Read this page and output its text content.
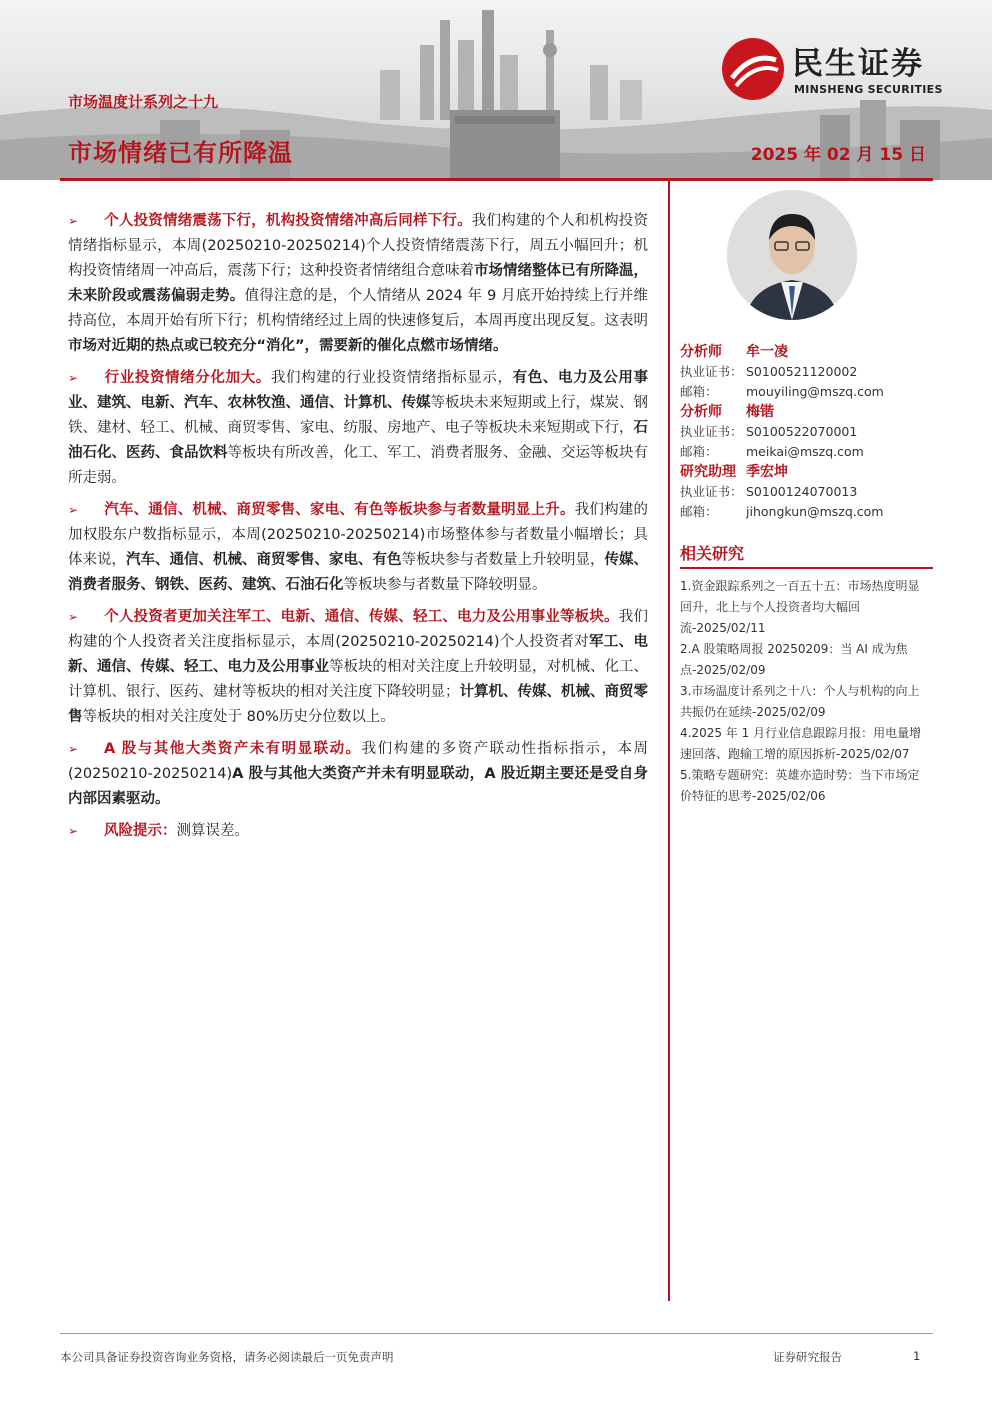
市场温度计系列之十九
市场情绪已有所降温	2025 年 02 月 15 日
民生证券
MINSHENG SECURITIES

➢ 个人投资情绪震荡下行，机构投资情绪冲高后同样下行。我们构建的个人和机构投资情绪指标显示，本周(20250210-20250214)个人投资情绪震荡下行，周五小幅回升；机构投资情绪周一冲高后，震荡下行；这种投资者情绪组合意味着市场情绪整体已有所降温，未来阶段或震荡偏弱走势。值得注意的是，个人情绪从 2024 年 9 月底开始持续上行并维持高位，本周开始有所下行；机构情绪经过上周的快速修复后，本周再度出现反复。这表明市场对近期的热点或已较充分“消化”，需要新的催化点燃市场情绪。

➢ 行业投资情绪分化加大。我们构建的行业投资情绪指标显示，有色、电力及公用事业、建筑、电新、汽车、农林牧渔、通信、计算机、传媒等板块未来短期或上行，煤炭、钢铁、建材、轻工、机械、商贸零售、家电、纺服、房地产、电子等板块未来短期或下行，石油石化、医药、食品饮料等板块有所改善，化工、军工、消费者服务、金融、交运等板块有所走弱。

➢ 汽车、通信、机械、商贸零售、家电、有色等板块参与者数量明显上升。我们构建的加权股东户数指标显示，本周(20250210-20250214)市场整体参与者数量小幅增长；具体来说，汽车、通信、机械、商贸零售、家电、有色等板块参与者数量上升较明显，传媒、消费者服务、钢铁、医药、建筑、石油石化等板块参与者数量下降较明显。

➢ 个人投资者更加关注军工、电新、通信、传媒、轻工、电力及公用事业等板块。我们构建的个人投资者关注度指标显示，本周(20250210-20250214)个人投资者对军工、电新、通信、传媒、轻工、电力及公用事业等板块的相对关注度上升较明显，对机械、化工、计算机、银行、医药、建材等板块的相对关注度下降较明显；计算机、传媒、机械、商贸零售等板块的相对关注度处于 80%历史分位数以上。

➢ A 股与其他大类资产未有明显联动。我们构建的多资产联动性指标指示，本周(20250210-20250214)A 股与其他大类资产并未有明显联动，A 股近期主要还是受自身内部因素驱动。

➢ 风险提示：测算误差。

分析师 牟一凌
执业证书： S0100521120002
邮箱： mouyiling@mszq.com
分析师 梅锴
执业证书： S0100522070001
邮箱： meikai@mszq.com
研究助理 季宏坤
执业证书： S0100124070013
邮箱： jihongkun@mszq.com
相关研究

1.资金跟踪系列之一百五十五：市场热度明显回升，北上与个人投资者均大幅回流-2025/02/11

2.A 股策略周报 20250209：当 AI 成为焦点-2025/02/09

3.市场温度计系列之十八：个人与机构的向上共振仍在延续-2025/02/09

4.2025 年 1 月行业信息跟踪月报：用电量增速回落、跑输工增的原因拆析-2025/02/07

5.策略专题研究：英雄亦造时势：当下市场定价特征的思考-2025/02/06

本公司具备证券投资咨询业务资格，请务必阅读最后一页免责声明	证券研究报告	1
